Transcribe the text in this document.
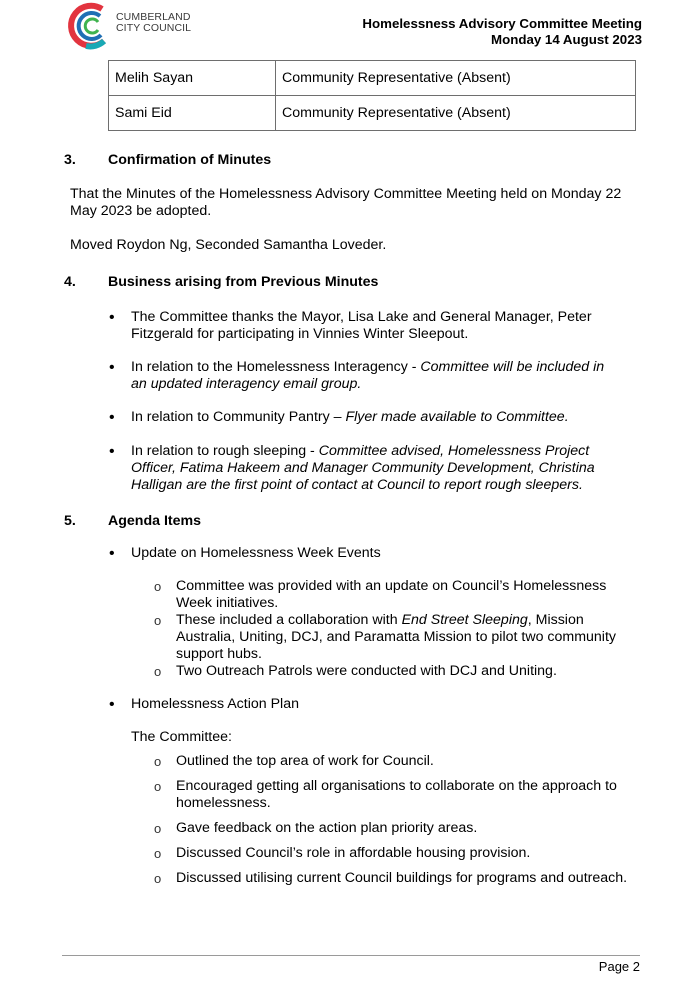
CUMBERLAND
CITY COUNCIL	Homelessness Advisory Committee Meeting
Monday 14 August 2023
Melih Sayan	Community Representative (Absent)
Sami Eid	Community Representative (Absent)
3. Confirmation of Minutes
That the Minutes of the Homelessness Advisory Committee Meeting held on Monday 22
May 2023 be adopted.
Moved Roydon Ng, Seconded Samantha Loveder.
4. Business arising from Previous Minutes
• The Committee thanks the Mayor, Lisa Lake and General Manager, Peter
Fitzgerald for participating in Vinnies Winter Sleepout.
• In relation to the Homelessness Interagency - Committee will be included in
an updated interagency email group.
• In relation to Community Pantry – Flyer made available to Committee.
• In relation to rough sleeping - Committee advised, Homelessness Project
Officer, Fatima Hakeem and Manager Community Development, Christina
Halligan are the first point of contact at Council to report rough sleepers.
5. Agenda Items
• Update on Homelessness Week Events
o Committee was provided with an update on Council’s Homelessness
Week initiatives.
o These included a collaboration with End Street Sleeping, Mission
Australia, Uniting, DCJ, and Paramatta Mission to pilot two community
support hubs.
o Two Outreach Patrols were conducted with DCJ and Uniting.
• Homelessness Action Plan
The Committee:
o Outlined the top area of work for Council.
o Encouraged getting all organisations to collaborate on the approach to
homelessness.
o Gave feedback on the action plan priority areas.
o Discussed Council’s role in affordable housing provision.
o Discussed utilising current Council buildings for programs and outreach.
Page 2
